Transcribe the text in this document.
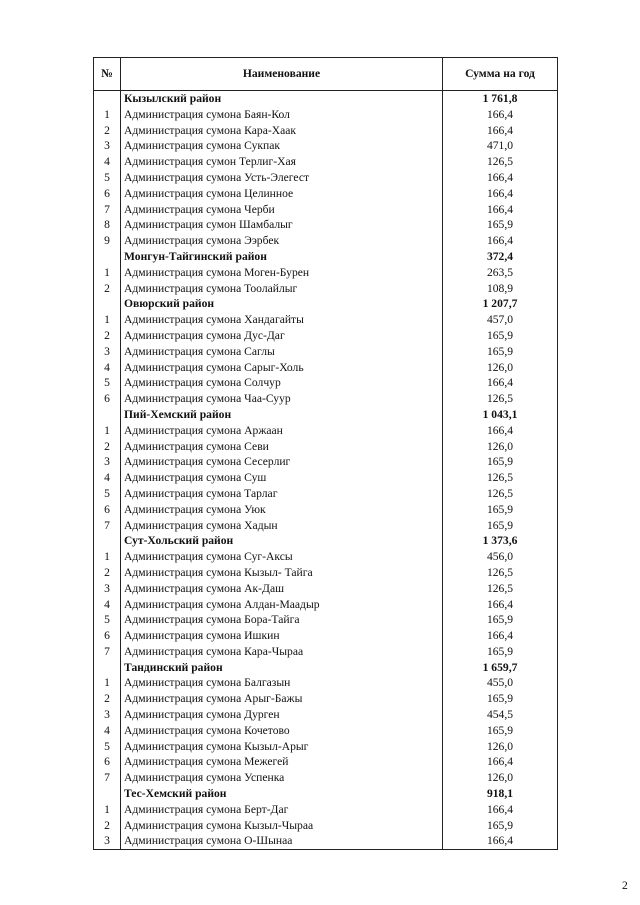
№	Наименование	Сумма на год
	Кызылский район	1 761,8
1	Администрация сумона Баян-Кол	166,4
2	Администрация сумона Кара-Хаак	166,4
3	Администрация сумона Сукпак	471,0
4	Администрация сумон Терлиг-Хая	126,5
5	Администрация сумона Усть-Элегест	166,4
6	Администрация сумона Целинное	166,4
7	Администрация сумона Черби	166,4
8	Администрация сумон Шамбалыг	165,9
9	Администрация сумона Ээрбек	166,4
	Монгун-Тайгинский район	372,4
1	Администрация сумона Моген-Бурен	263,5
2	Администрация сумона Тоолайлыг	108,9
	Овюрский район	1 207,7
1	Администрация сумона Хандагайты	457,0
2	Администрация сумона Дус-Даг	165,9
3	Администрация сумона Саглы	165,9
4	Администрация сумона Сарыг-Холь	126,0
5	Администрация сумона Солчур	166,4
6	Администрация сумона Чаа-Суур	126,5
	Пий-Хемский район	1 043,1
1	Администрация сумона Аржаан	166,4
2	Администрация сумона Севи	126,0
3	Администрация сумона Сесерлиг	165,9
4	Администрация сумона Суш	126,5
5	Администрация сумона Тарлаг	126,5
6	Администрация сумона Уюк	165,9
7	Администрация сумона Хадын	165,9
	Сут-Хольский район	1 373,6
1	Администрация сумона Суг-Аксы	456,0
2	Администрация сумона Кызыл- Тайга	126,5
3	Администрация сумона Ак-Даш	126,5
4	Администрация сумона Алдан-Маадыр	166,4
5	Администрация сумона Бора-Тайга	165,9
6	Администрация сумона Ишкин	166,4
7	Администрация сумона Кара-Чыраа	165,9
	Тандинский район	1 659,7
1	Администрация сумона Балгазын	455,0
2	Администрация сумона Арыг-Бажы	165,9
3	Администрация сумона Дурген	454,5
4	Администрация сумона Кочетово	165,9
5	Администрация сумона Кызыл-Арыг	126,0
6	Администрация сумона Межегей	166,4
7	Администрация сумона Успенка	126,0
	Тес-Хемский район	918,1
1	Администрация сумона Берт-Даг	166,4
2	Администрация сумона Кызыл-Чыраа	165,9
3	Администрация сумона О-Шынаа	166,4
2
